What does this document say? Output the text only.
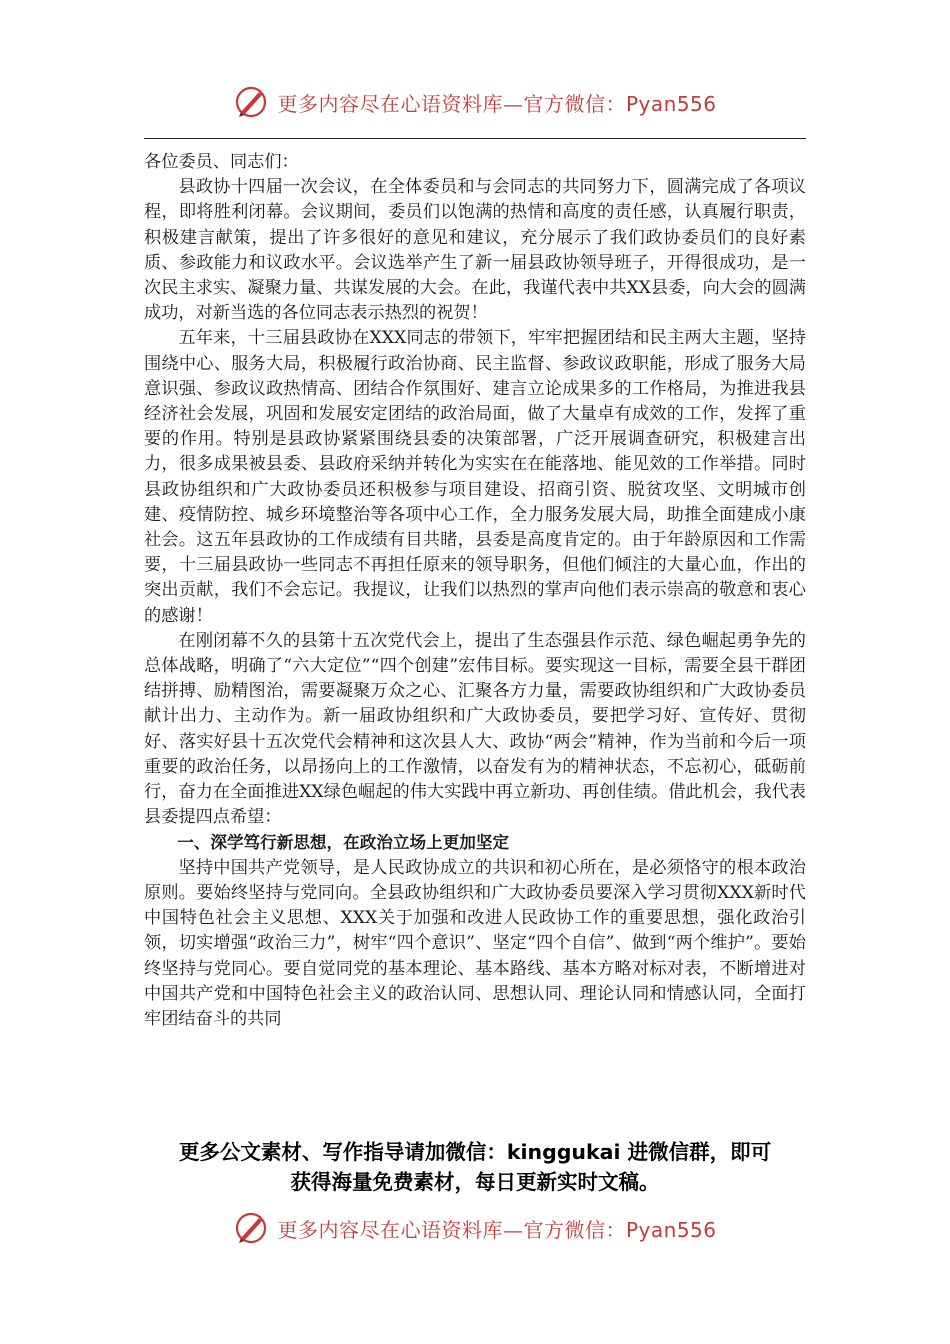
更多内容尽在心语资料库—官方微信：Pyan556

各位委员、同志们：

县政协十四届一次会议，在全体委员和与会同志的共同努力下，圆满完成了各项议程，即将胜利闭幕。会议期间，委员们以饱满的热情和高度的责任感，认真履行职责，积极建言献策，提出了许多很好的意见和建议，充分展示了我们政协委员们的良好素质、参政能力和议政水平。会议选举产生了新一届县政协领导班子，开得很成功，是一次民主求实、凝聚力量、共谋发展的大会。在此，我谨代表中共XX县委，向大会的圆满成功，对新当选的各位同志表示热烈的祝贺！

五年来，十三届县政协在XXX同志的带领下，牢牢把握团结和民主两大主题，坚持围绕中心、服务大局，积极履行政治协商、民主监督、参政议政职能，形成了服务大局意识强、参政议政热情高、团结合作氛围好、建言立论成果多的工作格局，为推进我县经济社会发展，巩固和发展安定团结的政治局面，做了大量卓有成效的工作，发挥了重要的作用。特别是县政协紧紧围绕县委的决策部署，广泛开展调查研究，积极建言出力，很多成果被县委、县政府采纳并转化为实实在在能落地、能见效的工作举措。同时县政协组织和广大政协委员还积极参与项目建设、招商引资、脱贫攻坚、文明城市创建、疫情防控、城乡环境整治等各项中心工作，全力服务发展大局，助推全面建成小康社会。这五年县政协的工作成绩有目共睹，县委是高度肯定的。由于年龄原因和工作需要，十三届县政协一些同志不再担任原来的领导职务，但他们倾注的大量心血，作出的突出贡献，我们不会忘记。我提议，让我们以热烈的掌声向他们表示崇高的敬意和衷心的感谢！

在刚闭幕不久的县第十五次党代会上，提出了生态强县作示范、绿色崛起勇争先的总体战略，明确了“六大定位”“四个创建”宏伟目标。要实现这一目标，需要全县干群团结拼搏、励精图治，需要凝聚万众之心、汇聚各方力量，需要政协组织和广大政协委员献计出力、主动作为。新一届政协组织和广大政协委员，要把学习好、宣传好、贯彻好、落实好县十五次党代会精神和这次县人大、政协“两会”精神，作为当前和今后一项重要的政治任务，以昂扬向上的工作激情，以奋发有为的精神状态，不忘初心，砥砺前行，奋力在全面推进XX绿色崛起的伟大实践中再立新功、再创佳绩。借此机会，我代表县委提四点希望：

一、深学笃行新思想，在政治立场上更加坚定

坚持中国共产党领导，是人民政协成立的共识和初心所在，是必须恪守的根本政治原则。要始终坚持与党同向。全县政协组织和广大政协委员要深入学习贯彻XXX新时代中国特色社会主义思想、XXX关于加强和改进人民政协工作的重要思想，强化政治引领，切实增强“政治三力”，树牢“四个意识”、坚定“四个自信”、做到“两个维护”。要始终坚持与党同心。要自觉同党的基本理论、基本路线、基本方略对标对表，不断增进对中国共产党和中国特色社会主义的政治认同、思想认同、理论认同和情感认同，全面打牢团结奋斗的共同

更多公文素材、写作指导请加微信：kinggukai 进微信群，即可
获得海量免费素材，每日更新实时文稿。
更多内容尽在心语资料库—官方微信：Pyan556
